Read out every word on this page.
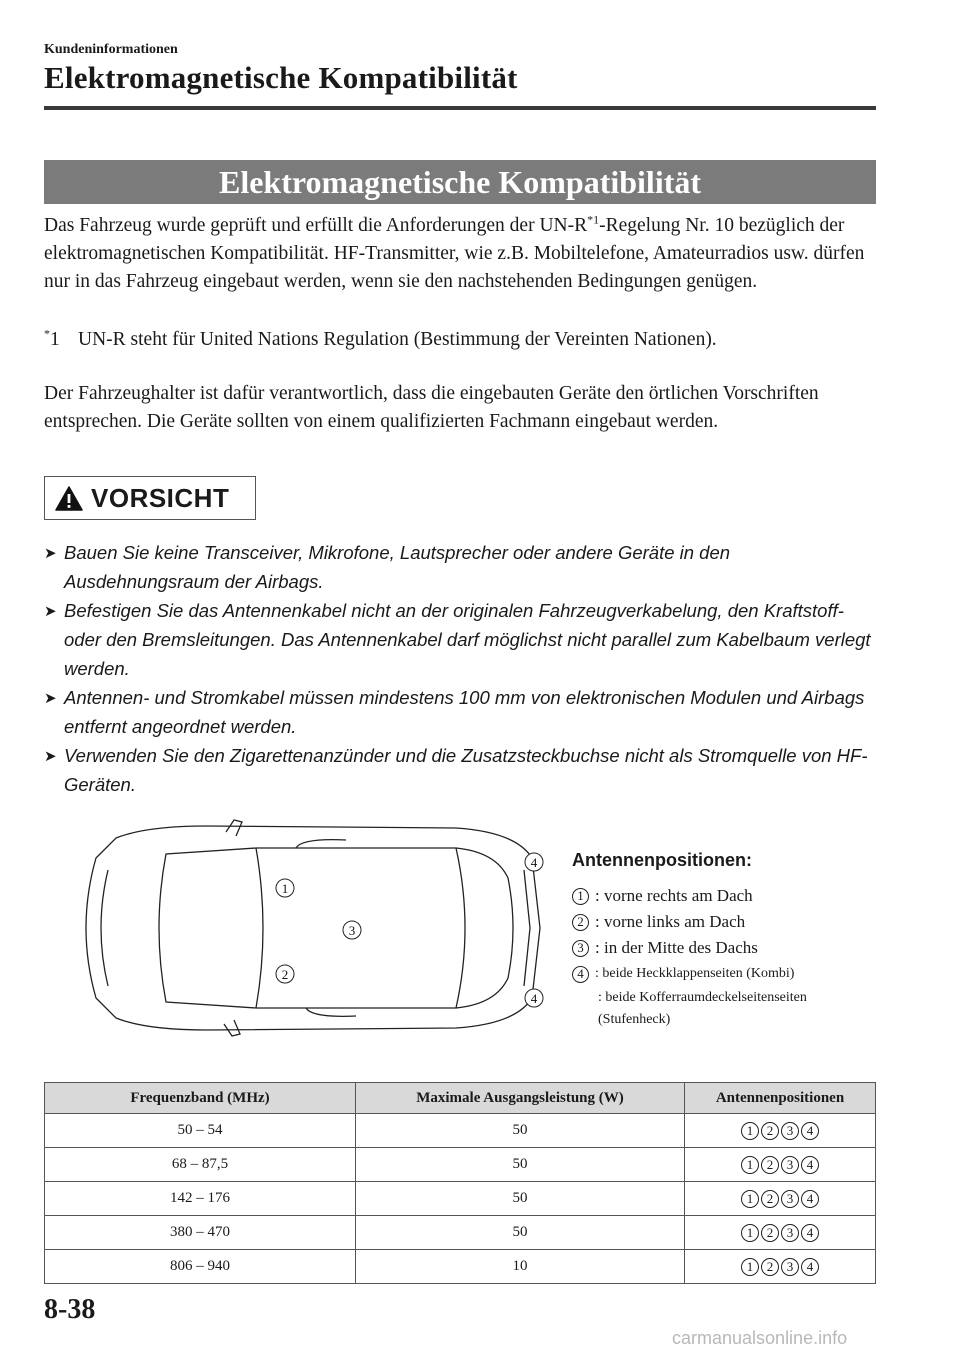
Kundeninformationen
Elektromagnetische Kompatibilität
Elektromagnetische Kompatibilität
Das Fahrzeug wurde geprüft und erfüllt die Anforderungen der $UN-R^{*1}$-Regelung Nr. 10 bezüglich der elektromagnetischen Kompatibilität. HF-Transmitter, wie z.B. Mobiltelefone, Amateurradios usw. dürfen nur in das Fahrzeug eingebaut werden, wenn sie den nachstehenden Bedingungen genügen.
*1 UN-R steht für United Nations Regulation (Bestimmung der Vereinten Nationen).
Der Fahrzeughalter ist dafür verantwortlich, dass die eingebauten Geräte den örtlichen Vorschriften entsprechen. Die Geräte sollten von einem qualifizierten Fachmann eingebaut werden.
VORSICHT
➤ Bauen Sie keine Transceiver, Mikrofone, Lautsprecher oder andere Geräte in den Ausdehnungsraum der Airbags.
➤ Befestigen Sie das Antennenkabel nicht an der originalen Fahrzeugverkabelung, den Kraftstoff- oder den Bremsleitungen. Das Antennenkabel darf möglichst nicht parallel zum Kabelbaum verlegt werden.
➤ Antennen- und Stromkabel müssen mindestens 100 mm von elektronischen Modulen und Airbags entfernt angeordnet werden.
➤ Verwenden Sie den Zigarettenanzünder und die Zusatzsteckbuchse nicht als Stromquelle von HF-Geräten.
1
2
3
4
4
Antennenpositionen:
1 : vorne rechts am Dach
2 : vorne links am Dach
3 : in der Mitte des Dachs
4 : beide Heckklappenseiten (Kombi)
: beide Kofferraumdeckelseitenseiten
(Stufenheck)
Frequenzband (MHz)	Maximale Ausgangsleistung (W)	Antennenpositionen
50 – 54	50	1 2 3 4
68 – 87,5	50	1 2 3 4
142 – 176	50	1 2 3 4
380 – 470	50	1 2 3 4
806 – 940	10	1 2 3 4
8-38
carmanualsonline.info
